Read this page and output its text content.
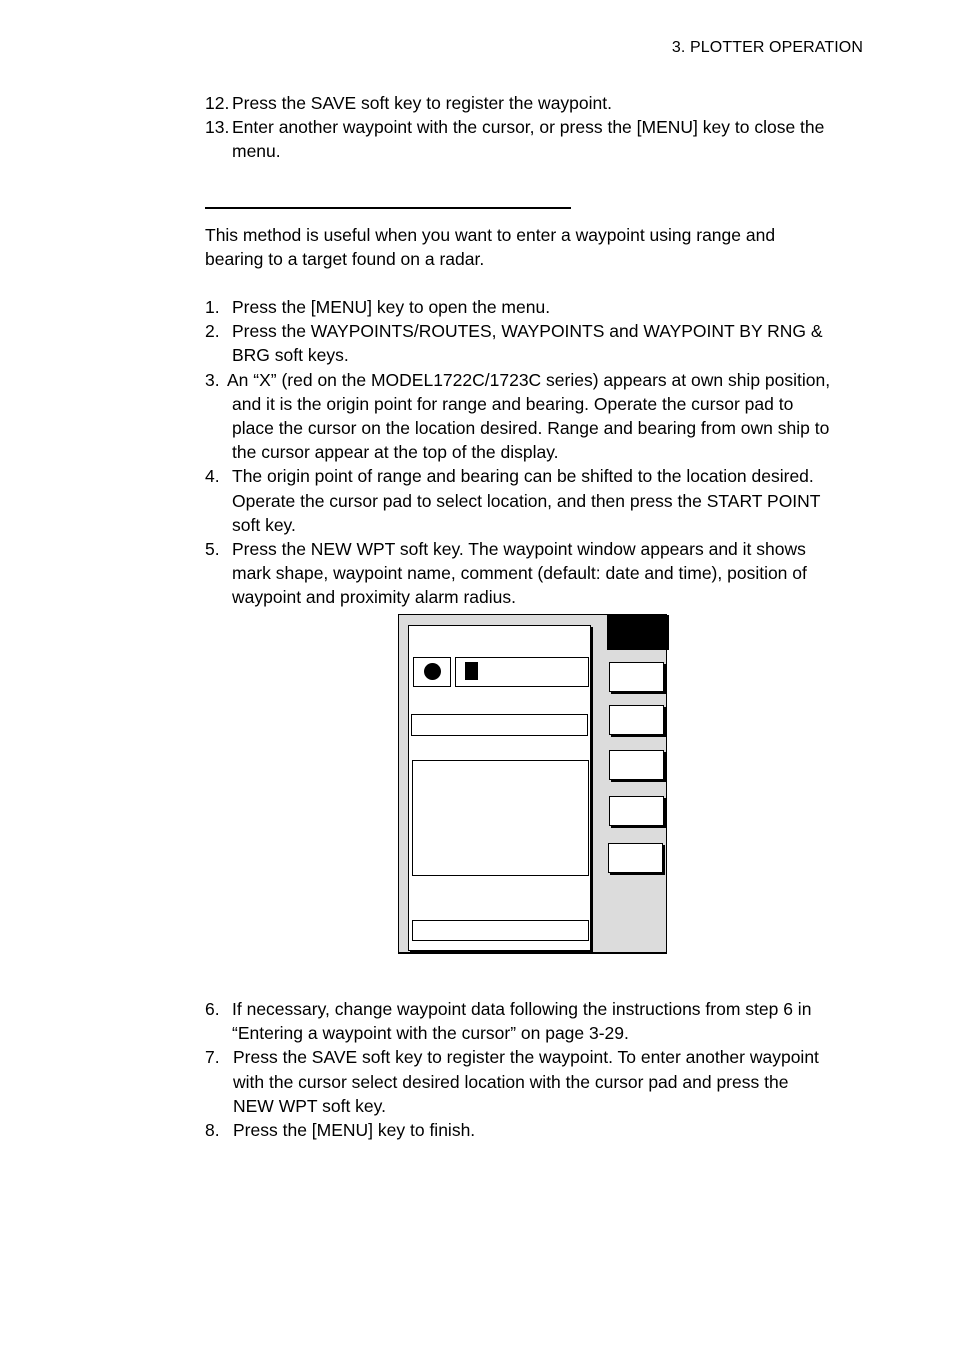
3. PLOTTER OPERATION
12. Press the SAVE soft key to register the waypoint.
13. Enter another waypoint with the cursor, or press the [MENU] key to close the
menu.
This method is useful when you want to enter a waypoint using range and
bearing to a target found on a radar.
1. Press the [MENU] key to open the menu.
2. Press the WAYPOINTS/ROUTES, WAYPOINTS and WAYPOINT BY RNG &
BRG soft keys.
3. An “X” (red on the MODEL1722C/1723C series) appears at own ship position,
and it is the origin point for range and bearing. Operate the cursor pad to
place the cursor on the location desired. Range and bearing from own ship to
the cursor appear at the top of the display.
4. The origin point of range and bearing can be shifted to the location desired.
Operate the cursor pad to select location, and then press the START POINT
soft key.
5. Press the NEW WPT soft key. The waypoint window appears and it shows
mark shape, waypoint name, comment (default: date and time), position of
waypoint and proximity alarm radius.
6. If necessary, change waypoint data following the instructions from step 6 in
“Entering a waypoint with the cursor” on page 3-29.
7. Press the SAVE soft key to register the waypoint. To enter another waypoint
with the cursor select desired location with the cursor pad and press the
NEW WPT soft key.
8. Press the [MENU] key to finish.
